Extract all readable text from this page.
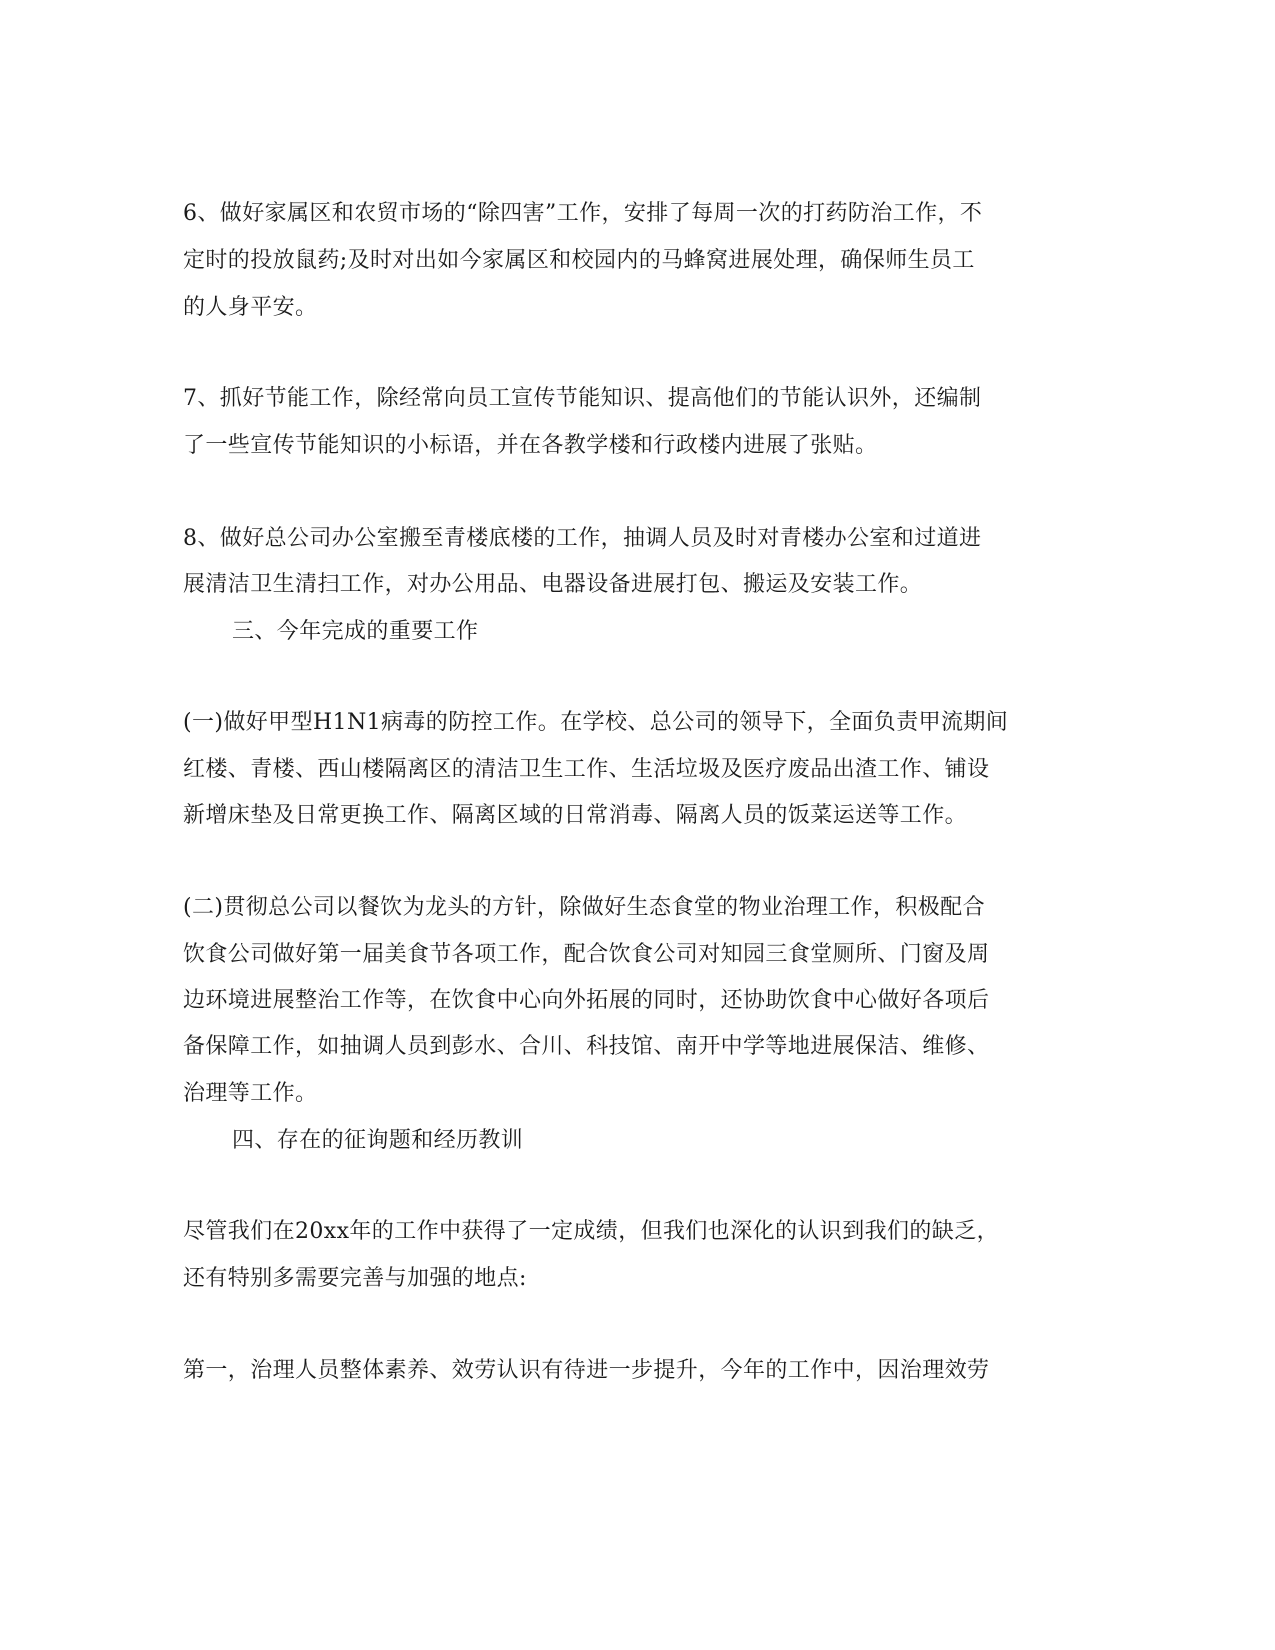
6、做好家属区和农贸市场的“除四害”工作，安排了每周一次的打药防治工作，不
定时的投放鼠药;及时对出如今家属区和校园内的马蜂窝进展处理，确保师生员工
的人身平安。
7、抓好节能工作，除经常向员工宣传节能知识、提高他们的节能认识外，还编制
了一些宣传节能知识的小标语，并在各教学楼和行政楼内进展了张贴。
8、做好总公司办公室搬至青楼底楼的工作，抽调人员及时对青楼办公室和过道进
展清洁卫生清扫工作，对办公用品、电器设备进展打包、搬运及安装工作。
三、今年完成的重要工作
(一)做好甲型H1N1病毒的防控工作。在学校、总公司的领导下，全面负责甲流期间
红楼、青楼、西山楼隔离区的清洁卫生工作、生活垃圾及医疗废品出渣工作、铺设
新增床垫及日常更换工作、隔离区域的日常消毒、隔离人员的饭菜运送等工作。
(二)贯彻总公司以餐饮为龙头的方针，除做好生态食堂的物业治理工作，积极配合
饮食公司做好第一届美食节各项工作，配合饮食公司对知园三食堂厕所、门窗及周
边环境进展整治工作等，在饮食中心向外拓展的同时，还协助饮食中心做好各项后
备保障工作，如抽调人员到彭水、合川、科技馆、南开中学等地进展保洁、维修、
治理等工作。
四、存在的征询题和经历教训
尽管我们在20xx年的工作中获得了一定成绩，但我们也深化的认识到我们的缺乏，
还有特别多需要完善与加强的地点:
第一，治理人员整体素养、效劳认识有待进一步提升，今年的工作中，因治理效劳
